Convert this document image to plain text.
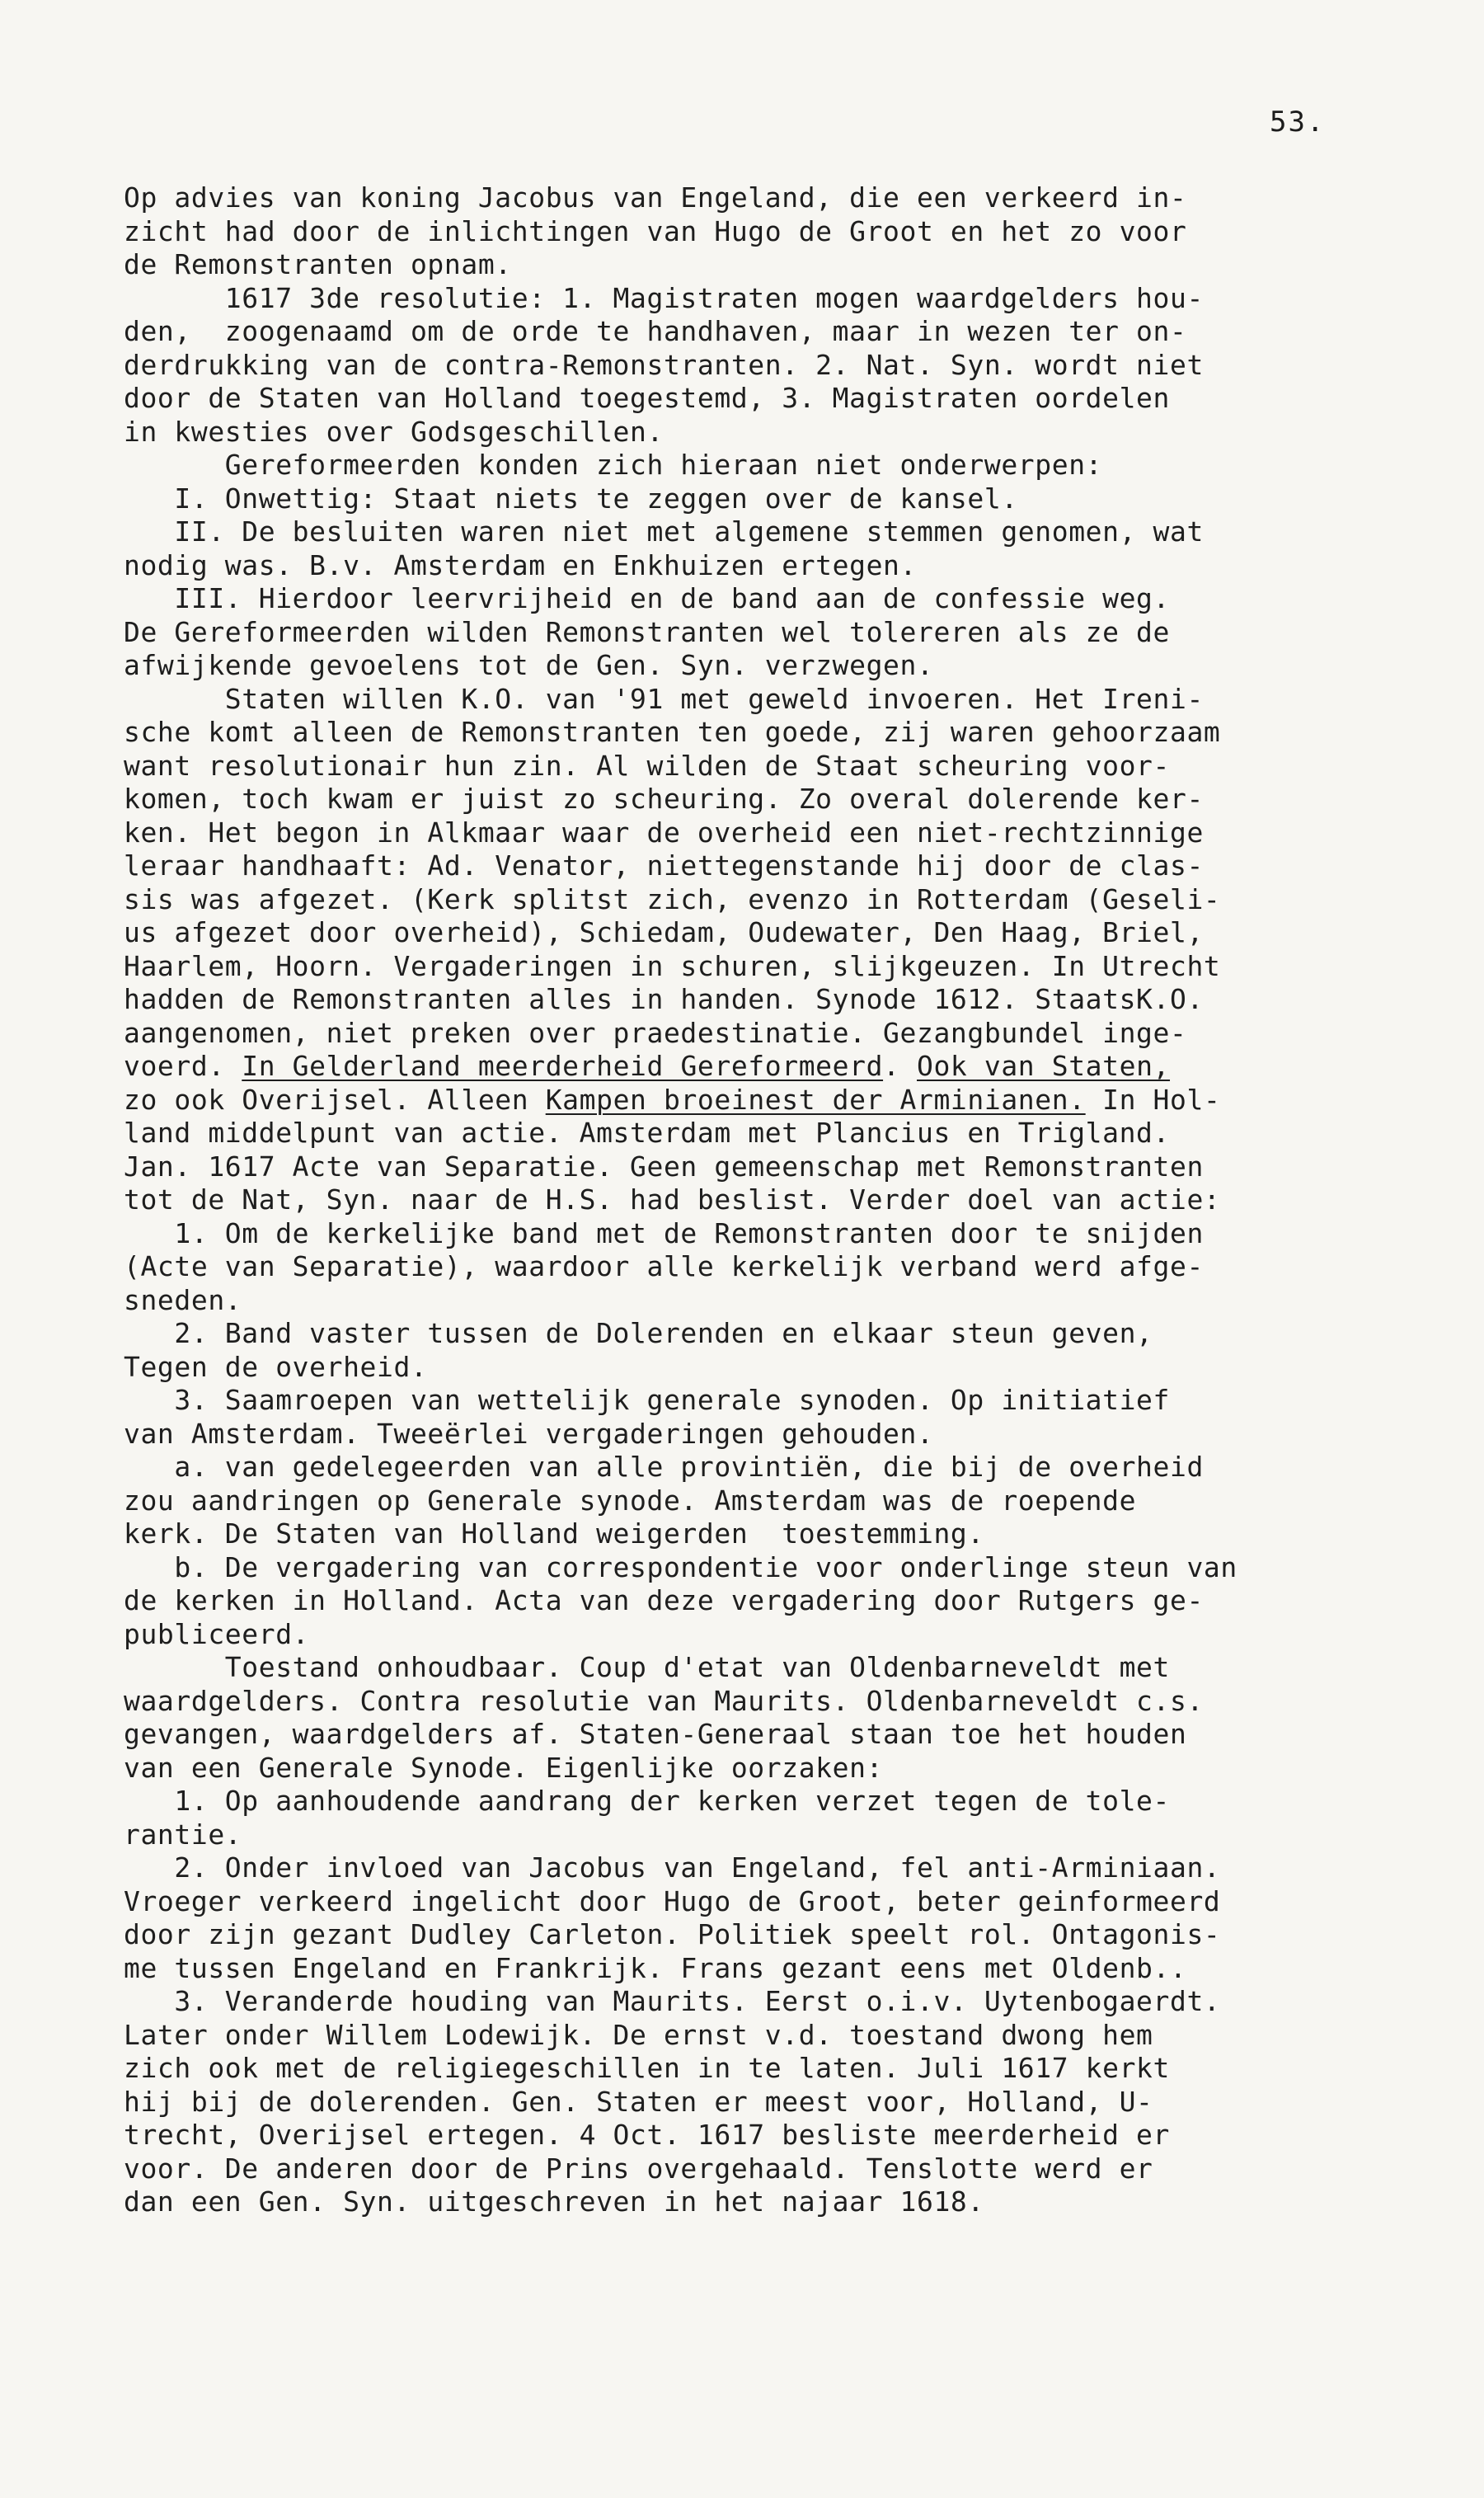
53.
Op advies van koning Jacobus van Engeland, die een verkeerd in-
zicht had door de inlichtingen van Hugo de Groot en het zo voor
de Remonstranten opnam.
1617 3de resolutie: 1. Magistraten mogen waardgelders hou-
den,  zoogenaamd om de orde te handhaven, maar in wezen ter on-
derdrukking van de contra-Remonstranten. 2. Nat. Syn. wordt niet
door de Staten van Holland toegestemd, 3. Magistraten oordelen
in kwesties over Godsgeschillen.
Gereformeerden konden zich hieraan niet onderwerpen:
I. Onwettig: Staat niets te zeggen over de kansel.
II. De besluiten waren niet met algemene stemmen genomen, wat
nodig was. B.v. Amsterdam en Enkhuizen ertegen.
III. Hierdoor leervrijheid en de band aan de confessie weg.
De Gereformeerden wilden Remonstranten wel tolereren als ze de
afwijkende gevoelens tot de Gen. Syn. verzwegen.
Staten willen K.O. van '91 met geweld invoeren. Het Ireni-
sche komt alleen de Remonstranten ten goede, zij waren gehoorzaam
want resolutionair hun zin. Al wilden de Staat scheuring voor-
komen, toch kwam er juist zo scheuring. Zo overal dolerende ker-
ken. Het begon in Alkmaar waar de overheid een niet-rechtzinnige
leraar handhaaft: Ad. Venator, niettegenstande hij door de clas-
sis was afgezet. (Kerk splitst zich, evenzo in Rotterdam (Geseli-
us afgezet door overheid), Schiedam, Oudewater, Den Haag, Briel,
Haarlem, Hoorn. Vergaderingen in schuren, slijkgeuzen. In Utrecht
hadden de Remonstranten alles in handen. Synode 1612. StaatsK.O.
aangenomen, niet preken over praedestinatie. Gezangbundel inge-
voerd. In Gelderland meerderheid Gereformeerd. Ook van Staten,
zo ook Overijsel. Alleen Kampen broeinest der Arminianen. In Hol-
land middelpunt van actie. Amsterdam met Plancius en Trigland.
Jan. 1617 Acte van Separatie. Geen gemeenschap met Remonstranten
tot de Nat, Syn. naar de H.S. had beslist. Verder doel van actie:
1. Om de kerkelijke band met de Remonstranten door te snijden
(Acte van Separatie), waardoor alle kerkelijk verband werd afge-
sneden.
2. Band vaster tussen de Dolerenden en elkaar steun geven,
Tegen de overheid.
3. Saamroepen van wettelijk generale synoden. Op initiatief
van Amsterdam. Tweeërlei vergaderingen gehouden.
a. van gedelegeerden van alle provintiën, die bij de overheid
zou aandringen op Generale synode. Amsterdam was de roepende
kerk. De Staten van Holland weigerden  toestemming.
b. De vergadering van correspondentie voor onderlinge steun van
de kerken in Holland. Acta van deze vergadering door Rutgers ge-
publiceerd.
Toestand onhoudbaar. Coup d'etat van Oldenbarneveldt met
waardgelders. Contra resolutie van Maurits. Oldenbarneveldt c.s.
gevangen, waardgelders af. Staten-Generaal staan toe het houden
van een Generale Synode. Eigenlijke oorzaken:
1. Op aanhoudende aandrang der kerken verzet tegen de tole-
rantie.
2. Onder invloed van Jacobus van Engeland, fel anti-Arminiaan.
Vroeger verkeerd ingelicht door Hugo de Groot, beter geinformeerd
door zijn gezant Dudley Carleton. Politiek speelt rol. Ontagonis-
me tussen Engeland en Frankrijk. Frans gezant eens met Oldenb..
3. Veranderde houding van Maurits. Eerst o.i.v. Uytenbogaerdt.
Later onder Willem Lodewijk. De ernst v.d. toestand dwong hem
zich ook met de religiegeschillen in te laten. Juli 1617 kerkt
hij bij de dolerenden. Gen. Staten er meest voor, Holland, U-
trecht, Overijsel ertegen. 4 Oct. 1617 besliste meerderheid er
voor. De anderen door de Prins overgehaald. Tenslotte werd er
dan een Gen. Syn. uitgeschreven in het najaar 1618.
